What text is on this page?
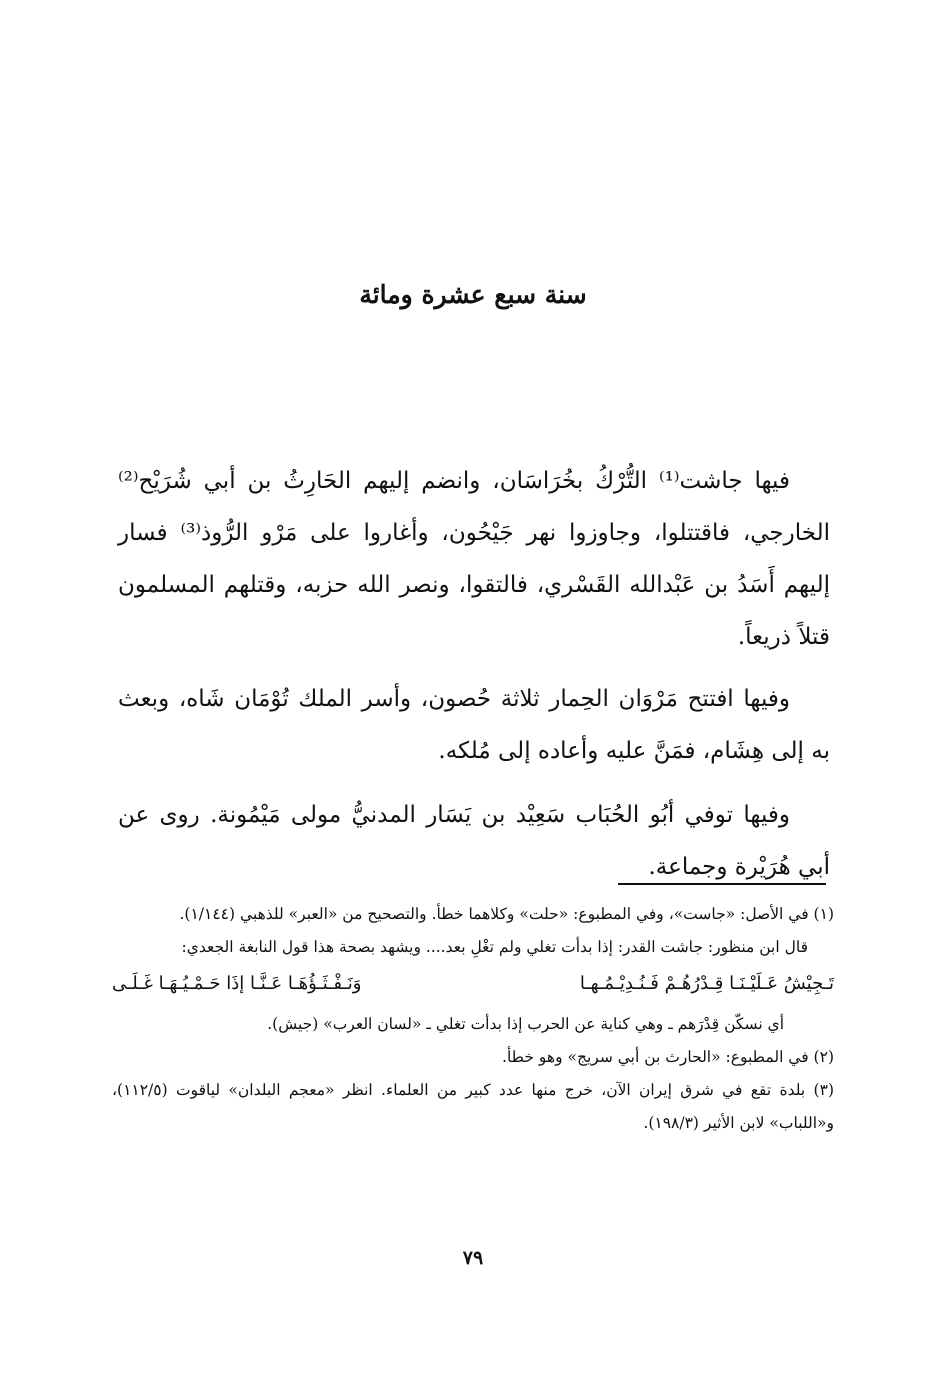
سنة سبع عشرة ومائة

فيها جاشت⁽¹⁾ التُّرْكُ بخُرَاسَان، وانضم إليهم الحَارِثُ بن أبي شُرَيْح⁽²⁾ الخارجي، فاقتتلوا، وجاوزوا نهر جَيْحُون، وأغاروا على مَرْو الرُّوذ⁽³⁾ فسار إليهم أَسَدُ بن عَبْدالله القَسْري، فالتقوا، ونصر الله حزبه، وقتلهم المسلمون قتلاً ذريعاً.

وفيها افتتح مَرْوَان الحِمار ثلاثة حُصون، وأسر الملك تُوْمَان شَاه، وبعث به إلى هِشَام، فمَنَّ عليه وأعاده إلى مُلكه.

وفيها توفي أبُو الحُبَاب سَعِيْد بن يَسَار المدنيُّ مولى مَيْمُونة. روى عن أبي هُرَيْرة وجماعة.

(١) في الأصل: «جاست»، وفي المطبوع: «حلت» وكلاهما خطأ. والتصحيح من «العبر» للذهبي (١/١٤٤).

قال ابن منظور: جاشت القدر: إذا بدأت تغلي ولم تغْلِ بعد.... ويشهد بصحة هذا قول النابغة الجعدي:

تَـجِيْشُ عَـلَيْـنَـا قِـدْرُهُـمْ فَـنُـدِيْـمُـهـا
وَنَـفْـثَـؤُهَـا عَـنَّـا إذَا حَـمْـيُـهَـا غَـلَـى

أي نسكّن قِدْرَهم ـ وهي كناية عن الحرب إذا بدأت تغلي ـ «لسان العرب» (جيش).

(٢) في المطبوع: «الحارث بن أبي سريج» وهو خطأ.

(٣) بلدة تقع في شرق إيران الآن، خرج منها عدد كبير من العلماء. انظر «معجم البلدان» لياقوت (١١٢/٥)، و«اللباب» لابن الأثير (١٩٨/٣).

٧٩
